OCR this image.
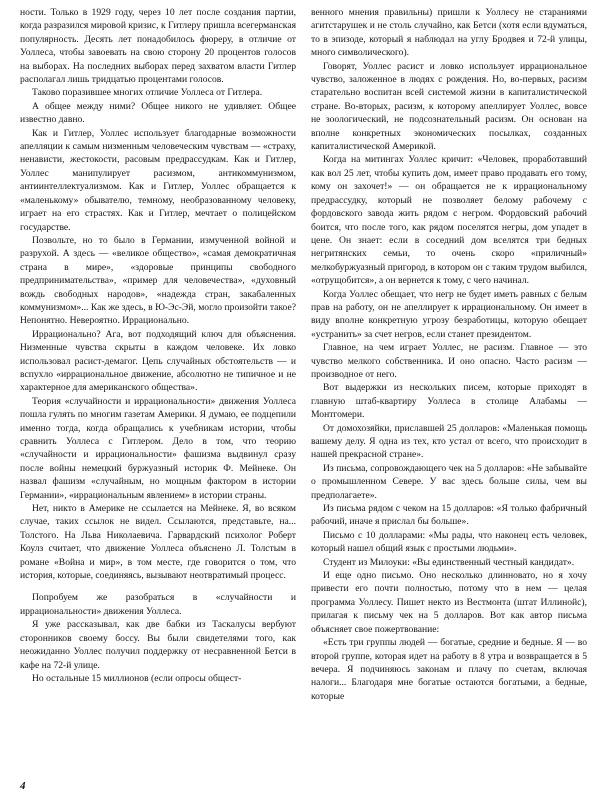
ности. Только в 1929 году, через 10 лет после создания партии, когда разразился мировой кризис, к Гитлеру пришла всегерманская популярность. Десять лет понадобилось фюреру, в отличие от Уоллеса, чтобы завоевать на свою сторону 20 процентов голосов на выборах. На последних выборах перед захватом власти Гитлер располагал лишь тридцатью процентами голосов.

Таково поразившее многих отличие Уоллеса от Гитлера.

А общее между ними? Общее никого не удивляет. Общее известно давно.

Как и Гитлер, Уоллес использует благодарные возможности апелляции к самым низменным человеческим чувствам — «страху, ненависти, жестокости, расовым предрассудкам. Как и Гитлер, Уоллес манипулирует расизмом, антикоммунизмом, антиинтеллектуализмом. Как и Гитлер, Уоллес обращается к «маленькому» обывателю, темному, необразованному человеку, играет на его страстях. Как и Гитлер, мечтает о полицейском государстве.

Позвольте, но то было в Германии, измученной войной и разрухой. А здесь — «великое общество», «самая демократичная страна в мире», «здоровые принципы свободного предпринимательства», «пример для человечества», «духовный вождь свободных народов», «надежда стран, закабаленных коммунизмом»... Как же здесь, в Ю-Эс-Эй, могло произойти такое? Непонятно. Невероятно. Иррационально.

Иррационально? Ага, вот подходящий ключ для объяснения. Низменные чувства скрыты в каждом человеке. Их ловко использовал расист-демагог. Цепь случайных обстоятельств — и вспухло «иррациональное движение, абсолютно не типичное и не характерное для американского общества».

Теория «случайности и иррациональности» движения Уоллеса пошла гулять по многим газетам Америки. Я думаю, ее подцепили именно тогда, когда обращались к учебникам истории, чтобы сравнить Уоллеса с Гитлером. Дело в том, что теорию «случайности и иррациональности» фашизма выдвинул сразу после войны немецкий буржуазный историк Ф. Мейнеке. Он назвал фашизм «случайным, но мощным фактором в истории Германии», «иррациональным явлением» в истории страны.

Нет, никто в Америке не ссылается на Мейнеке. Я, во всяком случае, таких ссылок не видел. Ссылаются, представьте, на... Толстого. На Льва Николаевича. Гарвардский психолог Роберт Коулз считает, что движение Уоллеса объяснено Л. Толстым в романе «Война и мир», в том месте, где говорится о том, что история, которые, соединяясь, вызывают неотвратимый процесс.

Попробуем же разобраться в «случайности и иррациональности» движения Уоллеса.

Я уже рассказывал, как две бабки из Таскалусы вербуют сторонников своему боссу. Вы были свидетелями того, как неожиданно Уоллес получил поддержку от несравненной Бетси в кафе на 72-й улице.

Но остальные 15 миллионов (если опросы общест-

венного мнения правильны) пришли к Уоллесу не стараниями агитстарушек и не столь случайно, как Бетси (хотя если вдуматься, то в эпизоде, который я наблюдал на углу Бродвея и 72-й улицы, много символического).

Говорят, Уоллес расист и ловко использует иррациональное чувство, заложенное в людях с рождения. Но, во-первых, расизм старательно воспитан всей системой жизни в капиталистической стране. Во-вторых, расизм, к которому апеллирует Уоллес, вовсе не зоологический, не подсознательный расизм. Он основан на вполне конкретных экономических посылках, созданных капиталистической Америкой.

Когда на митингах Уоллес кричит: «Человек, проработавший как вол 25 лет, чтобы купить дом, имеет право продавать его тому, кому он захочет!» — он обращается не к иррациональному предрассудку, который не позволяет белому рабочему с фордовского завода жить рядом с негром. Фордовский рабочий боится, что после того, как рядом поселятся негры, дом упадет в цене. Он знает: если в соседний дом вселятся три бедных негритянских семьи, то очень скоро «приличный» мелкобуржуазный пригород, в котором он с таким трудом выбился, «отрущобится», а он вернется к тому, с чего начинал.

Когда Уоллес обещает, что негр не будет иметь равных с белым прав на работу, он не апеллирует к иррациональному. Он имеет в виду вполне конкретную угрозу безработицы, которую обещает «устранить» за счет негров, если станет президентом.

Главное, на чем играет Уоллес, не расизм. Главное — это чувство мелкого собственника. И оно опасно. Часто расизм — производное от него.

Вот выдержки из нескольких писем, которые приходят в главную штаб-квартиру Уоллеса в столице Алабамы — Монтгомери.

От домохозяйки, приславшей 25 долларов: «Маленькая помощь вашему делу. Я одна из тех, кто устал от всего, что происходит в нашей прекрасной стране».

Из письма, сопровождающего чек на 5 долларов: «Не забывайте о промышленном Севере. У вас здесь больше силы, чем вы предполагаете».

Из письма рядом с чеком на 15 долларов: «Я только фабричный рабочий, иначе я прислал бы больше».

Письмо с 10 долларами: «Мы рады, что наконец есть человек, который нашел общий язык с простыми людьми».

Студент из Милоуки: «Вы единственный честный кандидат».

И еще одно письмо. Оно несколько длинновато, но я хочу привести его почти полностью, потому что в нем — целая программа Уоллесу. Пишет некто из Вестмонта (штат Иллинойс), прилагая к письму чек на 5 долларов. Вот как автор письма объясняет свое пожертвование:

«Есть три группы людей — богатые, средние и бедные. Я — во второй группе, которая идет на работу в 8 утра и возвращается в 5 вечера. Я подчиняюсь законам и плачу по счетам, включая налоги... Благодаря мне богатые остаются богатыми, а бедные, которые

4
